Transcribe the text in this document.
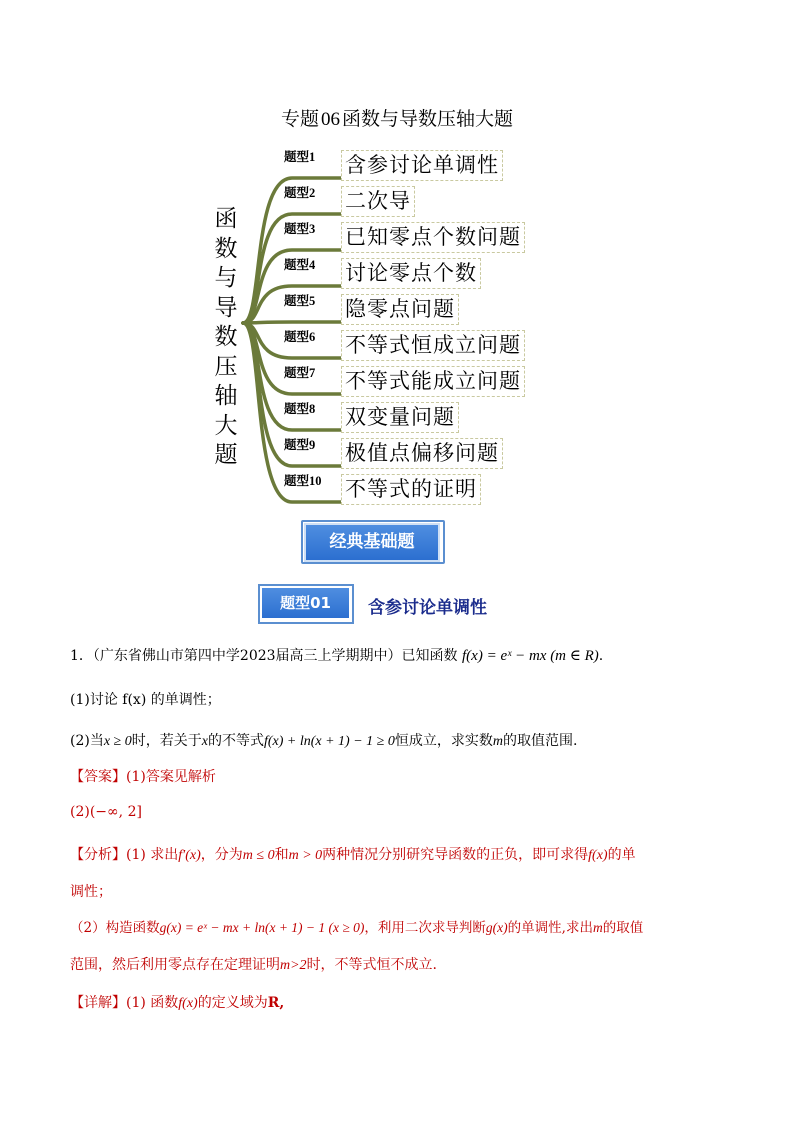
专题 06 函数与导数压轴大题
函
数
与
导
数
压
轴
大
题
题型1	含参讨论单调性
题型2	二次导
题型3	已知零点个数问题
题型4	讨论零点个数
题型5	隐零点问题
题型6	不等式恒成立问题
题型7	不等式能成立问题
题型8	双变量问题
题型9	极值点偏移问题
题型10	不等式的证明
经典基础题
题型01	含参讨论单调性
1．（广东省佛山市第四中学2023届高三上学期期中）已知函数 f(x) = eˣ − mx (m ∈ R).
(1)讨论 f(x) 的单调性；
(2)当x ≥ 0时，若关于x的不等式f(x) + ln(x + 1) − 1 ≥ 0恒成立，求实数m的取值范围.
【答案】(1)答案见解析
(2)(−∞, 2]
【分析】(1) 求出f′(x)，分为m ≤ 0和m > 0两种情况分别研究导函数的正负，即可求得f(x)的单
调性；
（2）构造函数g(x) = eˣ − mx + ln(x + 1) − 1 (x ≥ 0)，利用二次求导判断g(x)的单调性,求出m的取值
范围，然后利用零点存在定理证明m>2时，不等式恒不成立.
【详解】(1) 函数f(x)的定义域为R,
